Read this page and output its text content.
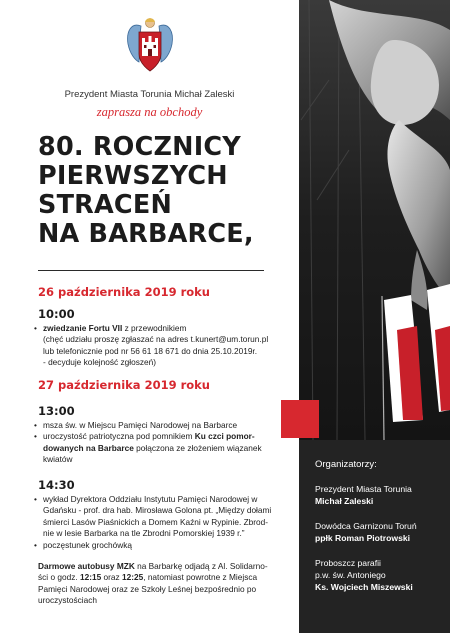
Prezydent Miasta Torunia Michał Zaleski
zaprasza na obchody
80. ROCZNICY
PIERWSZYCH
STRACEŃ
NA BARBARCE,
26 października 2019 roku
10:00
• zwiedzanie Fortu VII z przewodnikiem
(chęć udziału proszę zgłaszać na adres t.kunert@um.torun.pl
lub telefonicznie pod nr 56 61 18 671 do dnia 25.10.2019r.
- decyduje kolejność zgłoszeń)
27 października 2019 roku
13:00
• msza św. w Miejscu Pamięci Narodowej na Barbarce
• uroczystość patriotyczna pod pomnikiem Ku czci pomor-
dowanych na Barbarce połączona ze złożeniem wiązanek
kwiatów
14:30
• wykład Dyrektora Oddziału Instytutu Pamięci Narodowej w
Gdańsku - prof. dra hab. Mirosława Golona pt. „Między dołami
śmierci Lasów Piaśnickich a Domem Kaźni w Rypinie. Zbrod-
nie w lesie Barbarka na tle Zbrodni Pomorskiej 1939 r.”
• poczęstunek grochówką
Darmowe autobusy MZK na Barbarkę odjadą z Al. Solidarno-
ści o godz. 12:15 oraz 12:25, natomiast powrotne z Miejsca
Pamięci Narodowej oraz ze Szkoły Leśnej bezpośrednio po
uroczystościach
Organizatorzy:
Prezydent Miasta Torunia
Michał Zaleski
Dowódca Garnizonu Toruń
ppłk Roman Piotrowski
Proboszcz parafii
p.w. św. Antoniego
Ks. Wojciech Miszewski
